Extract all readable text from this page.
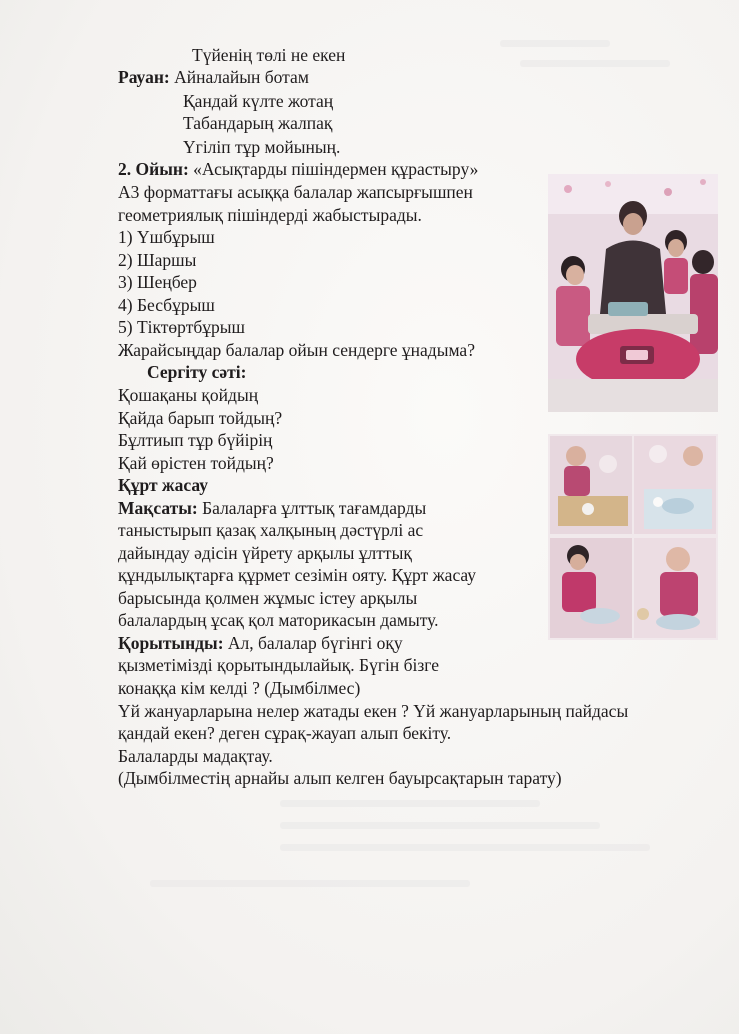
Түйенің төлі не екен
Рауан: Айналайын ботам
Қандай күлте жотаң
Табандарың жалпақ
Үгіліп тұр мойының.
2. Ойын: «Асықтарды пішіндермен құрастыру»
А3 форматтағы асыққа балалар жапсырғышпен
геометриялық пішіндерді жабыстырады.
1) Үшбұрыш
2) Шаршы
3) Шеңбер
4) Бесбұрыш
5) Тіктөртбұрыш
Жарайсыңдар балалар ойын сендерге ұнадыма?
Сергіту сәті:
Қошақаны қойдың
Қайда барып тойдың?
Бұлтиып тұр бүйірің
Қай өрістен тойдың?
Құрт жасау
Мақсаты: Балаларға ұлттық тағамдарды
таныстырып қазақ халқының дәстүрлі ас
дайындау әдісін үйрету арқылы ұлттық
құндылықтарға құрмет сезімін ояту. Құрт жасау
барысында қолмен жұмыс істеу арқылы
балалардың ұсақ қол маторикасын дамыту.
Қорытынды: Ал, балалар бүгінгі оқу
қызметімізді қорытындылайық. Бүгін бізге
конаққа кім келді ? (Дымбілмес)
Үй жануарларына нелер жатады екен ? Үй жануарларының пайдасы
қандай екен? деген сұрақ-жауап алып бекіту.
Балаларды мадақтау.
(Дымбілместің арнайы алып келген бауырсақтарын тарату)
